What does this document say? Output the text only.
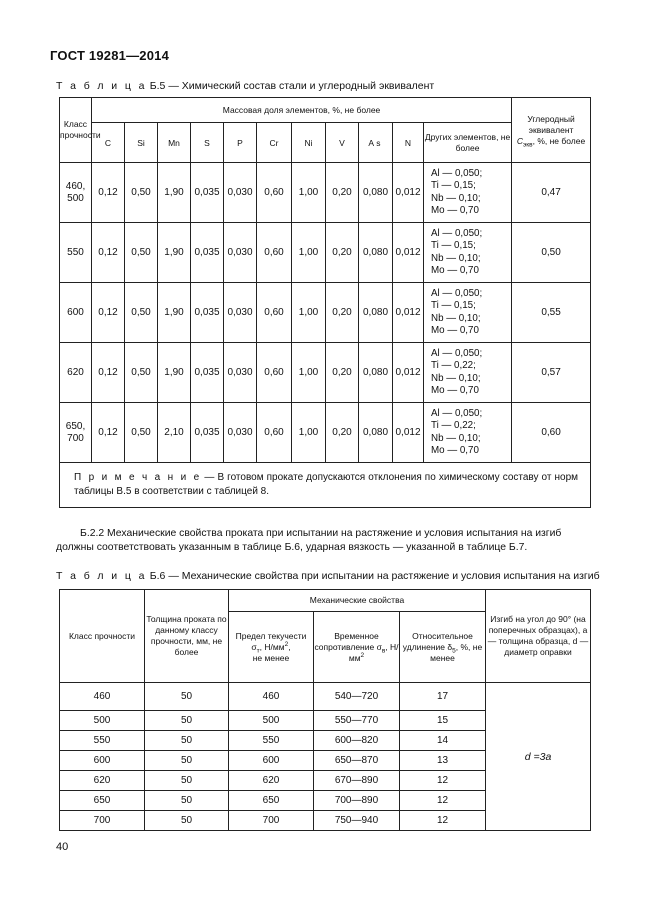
ГОСТ 19281—2014
Т а б л и ц а Б.5 — Химический состав стали и углеродный эквивалент
Класс прочности	Массовая доля элементов, %, не более											Углеродный эквивалент
$C_{экв}$, %, не более
	C	Si	Mn	S	P	Cr	Ni	V	As	N	Других элементов, не более	
460, 500	0,12	0,50	1,90	0,035	0,030	0,60	1,00	0,20	0,080	0,012	Al — 0,050;
Ti — 0,15;
Nb — 0,10;
Mo — 0,70	0,47
550	0,12	0,50	1,90	0,035	0,030	0,60	1,00	0,20	0,080	0,012	Al — 0,050;
Ti — 0,15;
Nb — 0,10;
Mo — 0,70	0,50
600	0,12	0,50	1,90	0,035	0,030	0,60	1,00	0,20	0,080	0,012	Al — 0,050;
Ti — 0,15;
Nb — 0,10;
Mo — 0,70	0,55
620	0,12	0,50	1,90	0,035	0,030	0,60	1,00	0,20	0,080	0,012	Al — 0,050;
Ti — 0,22;
Nb — 0,10;
Mo — 0,70	0,57
650, 700	0,12	0,50	2,10	0,035	0,030	0,60	1,00	0,20	0,080	0,012	Al — 0,050;
Ti — 0,22;
Nb — 0,10;
Mo — 0,70	0,60
П р и м е ч а н и е — В готовом прокате допускаются отклонения по химическому составу от норм таблицы В.5 в соответствии с таблицей 8.												
Б.2.2 Механические свойства проката при испытании на растяжение и условия испытания на изгиб должны соответствовать указанным в таблице Б.6, ударная вязкость — указанной в таблице Б.7.
Т а б л и ц а Б.6 — Механические свойства при испытании на растяжение и условия испытания на изгиб
Класс прочности	Толщина проката по данному классу прочности, мм, не более	Механические свойства			Изгиб на угол до 90° (на поперечных образцах), а — толщина образца, d — диаметр оправки
		Предел текучести
$\sigma_т$, $Н/мм^2$,
не менее	Временное сопротивление $\sigma_в$, $Н/мм^2$	Относительное удлинение $\delta_5$, %, не менее	
460	50	460	540—720	17	d =3a
500	50	500	550—770	15	
550	50	550	600—820	14	
600	50	600	650—870	13	
620	50	620	670—890	12	
650	50	650	700—890	12	
700	50	700	750—940	12	
40
